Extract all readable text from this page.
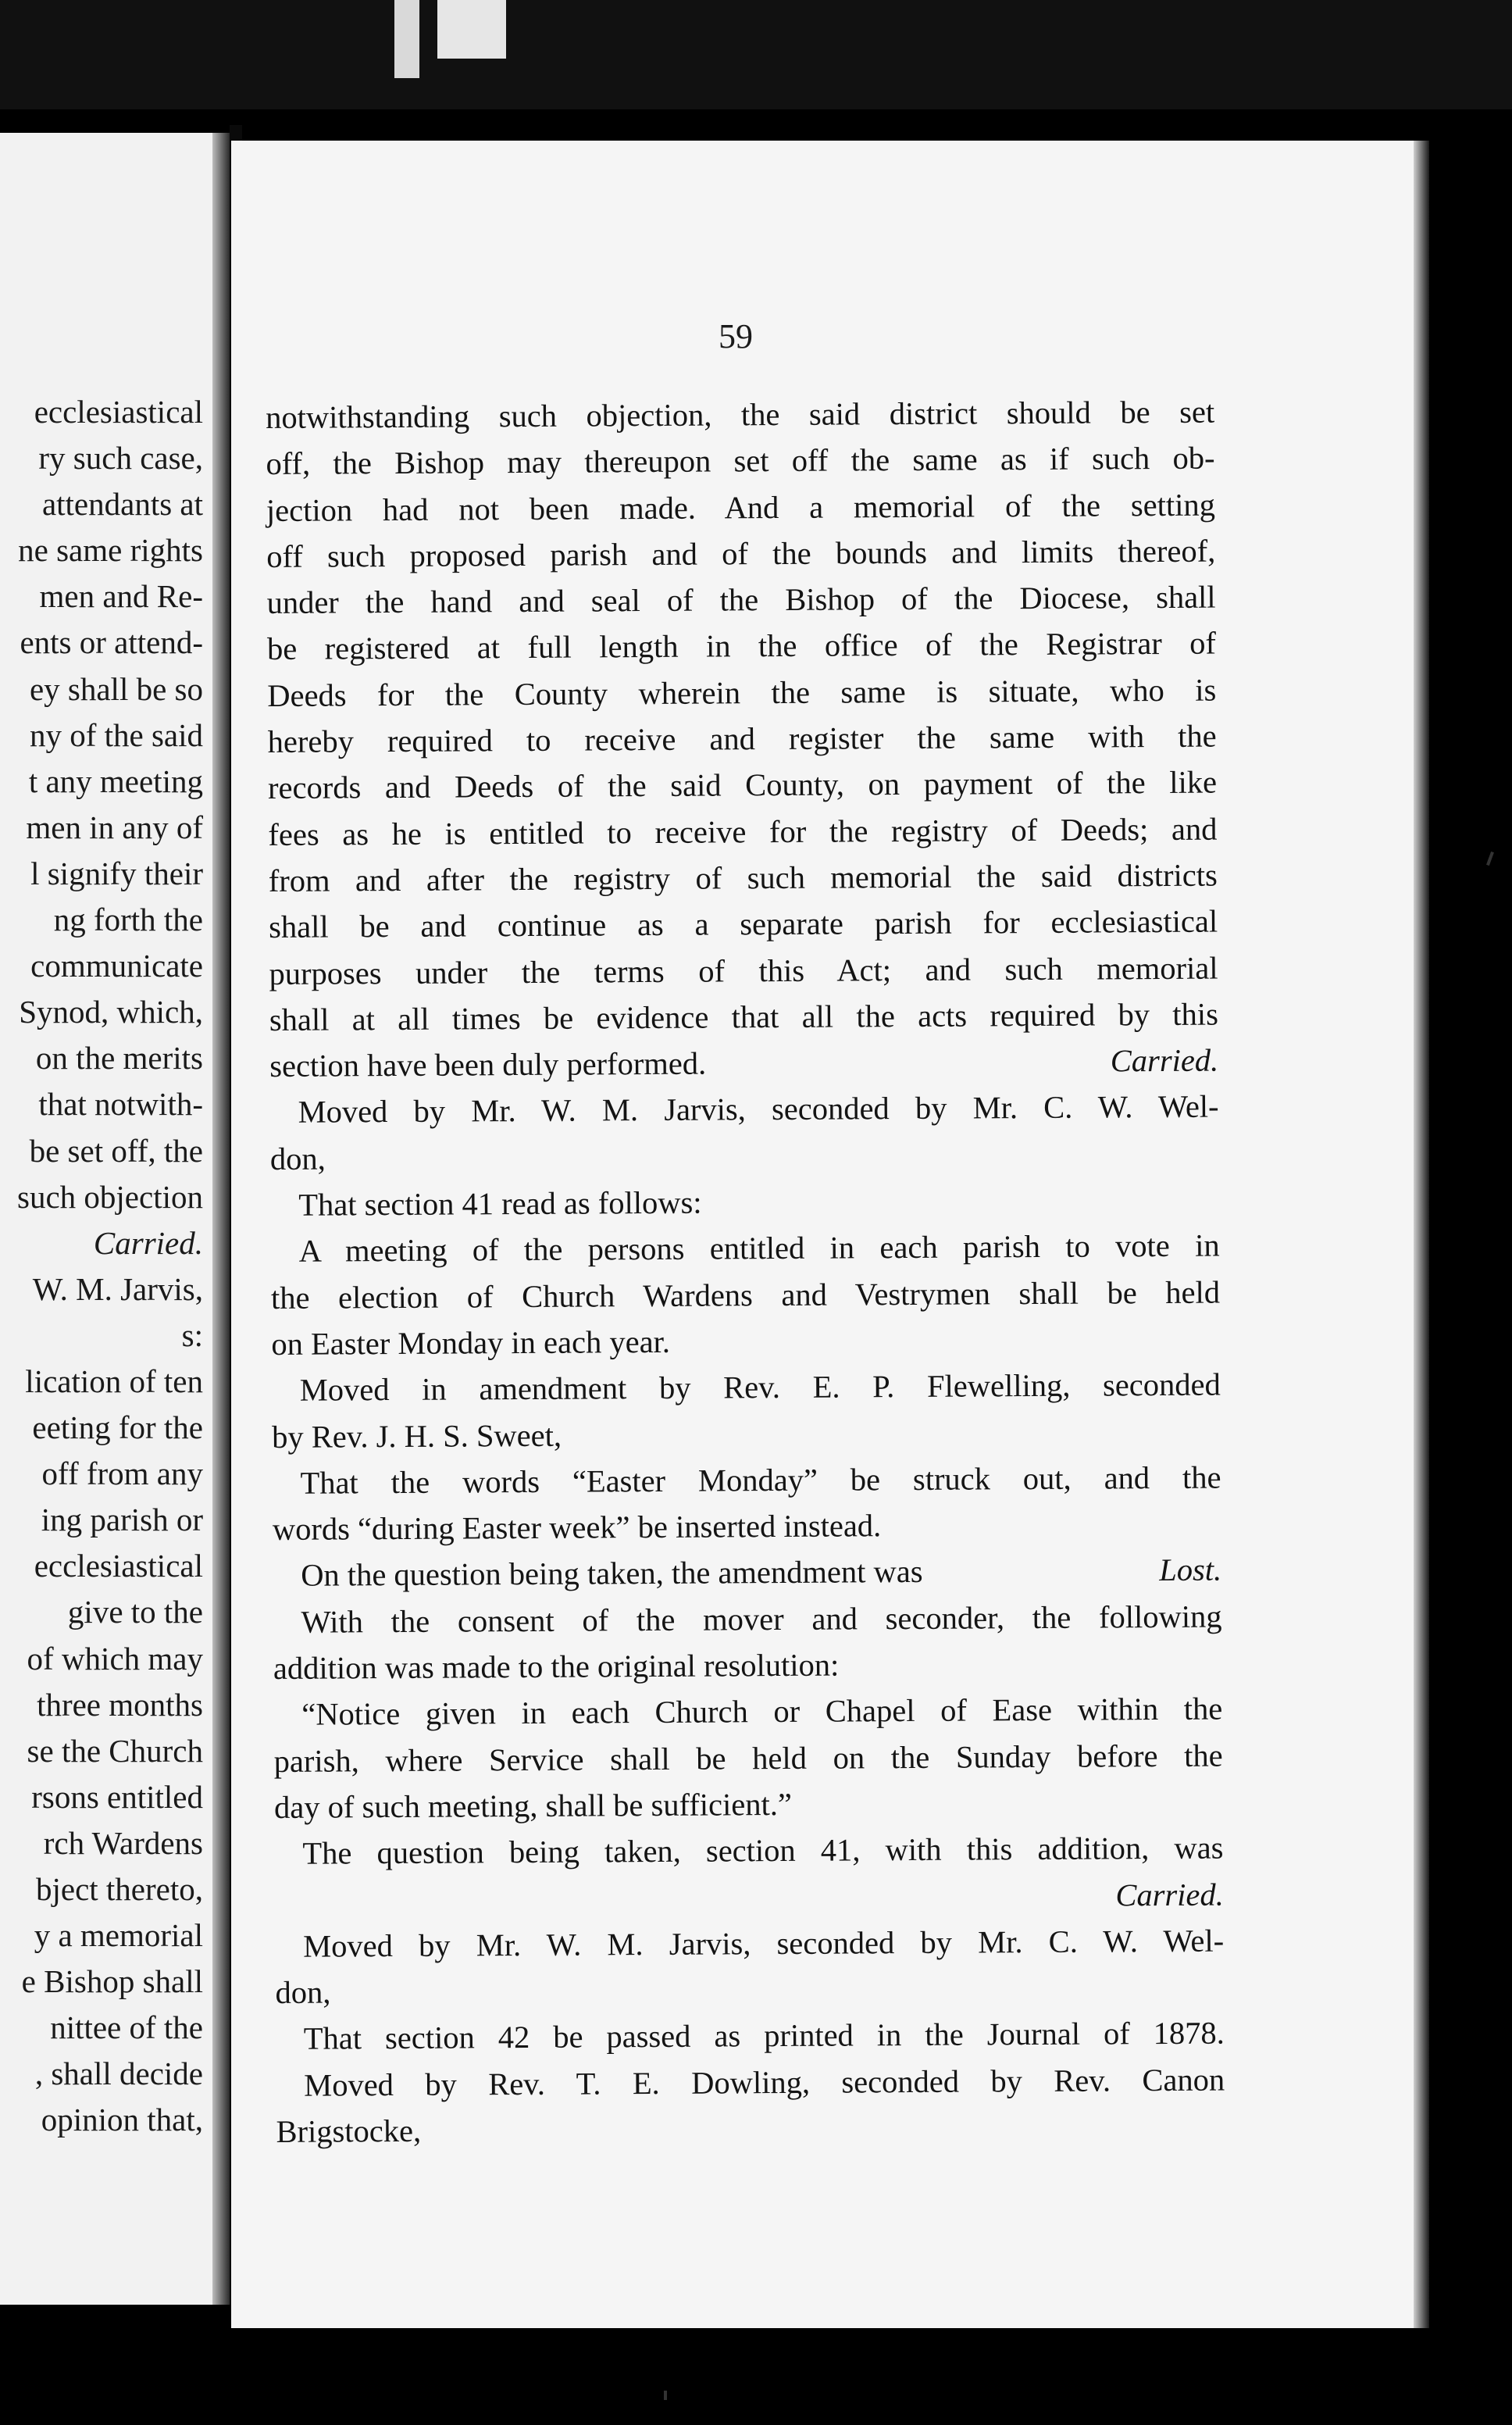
ecclesiastical
ry such case,
attendants at
ne same rights
men and Re-
ents or attend-
ey shall be so
ny of the said
t any meeting
men in any of
l signify their
ng forth the
communicate
Synod, which,
on the merits
that notwith-
be set off, the
such objection
Carried.
W. M. Jarvis,
s:
lication of ten
eeting for the
off from any
ing parish or
ecclesiastical
give to the
of which may
three months
se the Church
rsons entitled
rch Wardens
bject thereto,
y a memorial
e Bishop shall
nittee of the
, shall decide
opinion that,
59
notwithstanding such objection, the said district should be set
off, the Bishop may thereupon set off the same as if such ob-
jection had not been made. And a memorial of the setting
off such proposed parish and of the bounds and limits thereof,
under the hand and seal of the Bishop of the Diocese, shall
be registered at full length in the office of the Registrar of
Deeds for the County wherein the same is situate, who is
hereby required to receive and register the same with the
records and Deeds of the said County, on payment of the like
fees as he is entitled to receive for the registry of Deeds; and
from and after the registry of such memorial the said districts
shall be and continue as a separate parish for ecclesiastical
purposes under the terms of this Act; and such memorial
shall at all times be evidence that all the acts required by this
section have been duly performed.	Carried.
Moved by Mr. W. M. Jarvis, seconded by Mr. C. W. Wel-
don,
That section 41 read as follows:
A meeting of the persons entitled in each parish to vote in
the election of Church Wardens and Vestrymen shall be held
on Easter Monday in each year.
Moved in amendment by Rev. E. P. Flewelling, seconded
by Rev. J. H. S. Sweet,
That the words “Easter Monday” be struck out, and the
words “during Easter week” be inserted instead.
On the question being taken, the amendment was	Lost.
With the consent of the mover and seconder, the following
addition was made to the original resolution:
“Notice given in each Church or Chapel of Ease within the
parish, where Service shall be held on the Sunday before the
day of such meeting, shall be sufficient.”
The question being taken, section 41, with this addition, was
Carried.
Moved by Mr. W. M. Jarvis, seconded by Mr. C. W. Wel-
don,
That section 42 be passed as printed in the Journal of 1878.
Moved by Rev. T. E. Dowling, seconded by Rev. Canon
Brigstocke,
